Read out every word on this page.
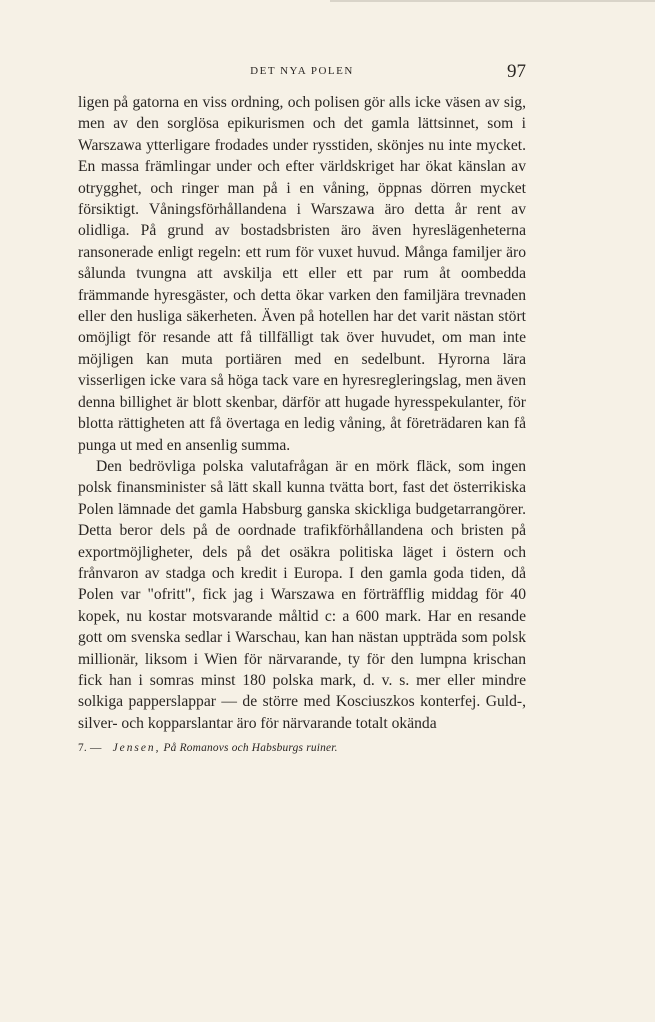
DET NYA POLEN	97

ligen på gatorna en viss ordning, och polisen gör alls icke väsen av sig, men av den sorglösa epikurismen och det gamla lättsinnet, som i Warszawa ytterligare frodades under rysstiden, skönjes nu inte mycket. En massa främlingar under och efter världskriget har ökat känslan av otrygghet, och ringer man på i en våning, öppnas dörren mycket försiktigt. Våningsförhållandena i Warszawa äro detta år rent av olidliga. På grund av bostadsbristen äro även hyreslägenheterna ransonerade enligt regeln: ett rum för vuxet huvud. Många familjer äro sålunda tvungna att avskilja ett eller ett par rum åt oombedda främmande hyresgäster, och detta ökar varken den familjära trevnaden eller den husliga säkerheten. Även på hotellen har det varit nästan stört omöjligt för resande att få tillfälligt tak över huvudet, om man inte möjligen kan muta portiären med en sedelbunt. Hyrorna lära visserligen icke vara så höga tack vare en hyresregleringslag, men även denna billighet är blott skenbar, därför att hugade hyresspekulanter, för blotta rättigheten att få övertaga en ledig våning, åt företrädaren kan få punga ut med en ansenlig summa.

Den bedrövliga polska valutafrågan är en mörk fläck, som ingen polsk finansminister så lätt skall kunna tvätta bort, fast det österrikiska Polen lämnade det gamla Habsburg ganska skickliga budgetarrangörer. Detta beror dels på de oordnade trafikförhållandena och bristen på exportmöjligheter, dels på det osäkra politiska läget i östern och frånvaron av stadga och kredit i Europa. I den gamla goda tiden, då Polen var "ofritt", fick jag i Warszawa en förträfflig middag för 40 kopek, nu kostar motsvarande måltid c: a 600 mark. Har en resande gott om svenska sedlar i Warschau, kan han nästan uppträda som polsk millionär, liksom i Wien för närvarande, ty för den lumpna krischan fick han i somras minst 180 polska mark, d. v. s. mer eller mindre solkiga papperslappar — de större med Kosciuszkos konterfej. Guld-, silver- och kopparslantar äro för närvarande totalt okända

7. — Jensen, På Romanovs och Habsburgs ruiner.
